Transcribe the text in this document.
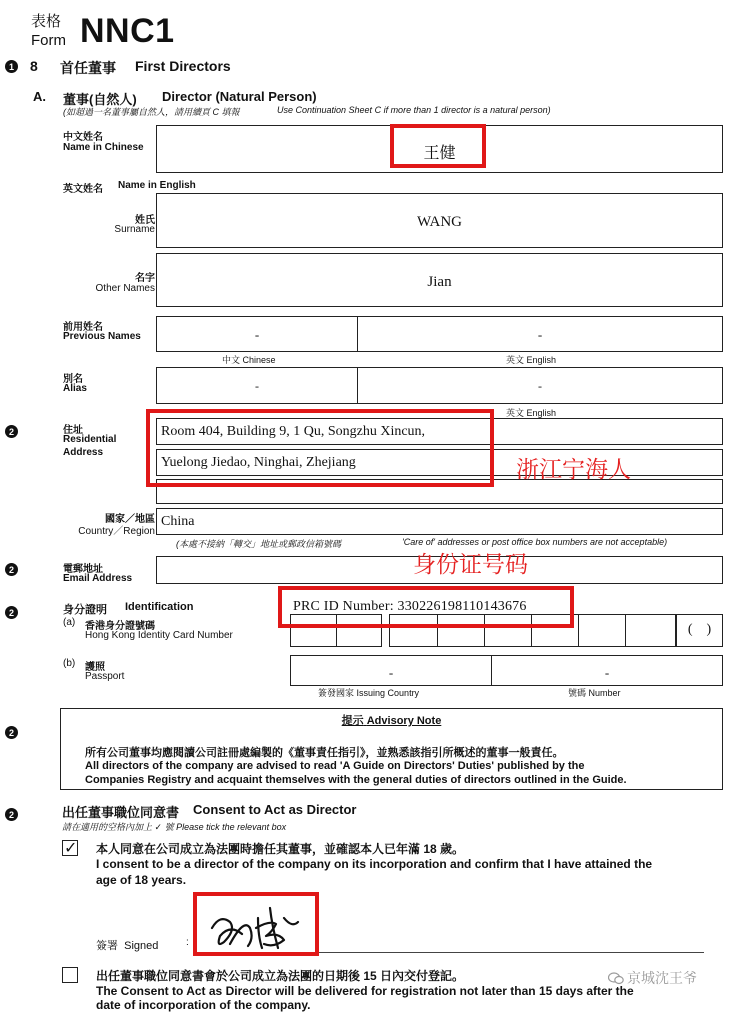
表格
Form NNC1
1 8 首任董事 First Directors
A. 董事(自然人) Director (Natural Person)
(如超過一名董事屬自然人，請用續頁 C 填報	Use Continuation Sheet C if more than 1 director is a natural person)
中文姓名
Name in Chinese	王健
英文姓名 Name in English
姓氏
Surname	WANG
名字
Other Names	Jian
前用姓名
Previous Names	-	-
中文 Chinese	英文 English
別名
Alias	-	-
英文 English
2	住址
Residential
Address
Room 404, Building 9, 1 Qu, Songzhu Xincun,
Yuelong Jiedao, Ninghai, Zhejiang
國家／地區
Country／Region
China
(本處不接納「轉交」地址或郵政信箱號碼	'Care of' addresses or post office box numbers are not acceptable)
2	電郵地址
Email Address
2	身分證明 Identification	PRC ID Number: 330226198110143676
(a) 香港身分證號碼
Hong Kong Identity Card Number	(    )
(b) 護照
Passport	-	-
簽發國家 Issuing Country	號碼 Number
2
提示 Advisory Note
所有公司董事均應閱讀公司註冊處編製的《董事責任指引》，並熟悉該指引所概述的董事一般責任。
All directors of the company are advised to read 'A Guide on Directors' Duties' published by the
Companies Registry and acquaint themselves with the general duties of directors outlined in the Guide.
2	出任董事職位同意書 Consent to Act as Director
請在適用的空格內加上 ✓ 號 Please tick the relevant box
✓ 本人同意在公司成立為法團時擔任其董事，並確認本人已年滿 18 歲。
I consent to be a director of the company on its incorporation and confirm that I have attained the
age of 18 years.
簽署 Signed	:
出任董事職位同意書會於公司成立為法團的日期後 15 日內交付登記。
The Consent to Act as Director will be delivered for registration not later than 15 days after the
date of incorporation of the company.
浙江宁海人
身份证号码
京城沈王爷
